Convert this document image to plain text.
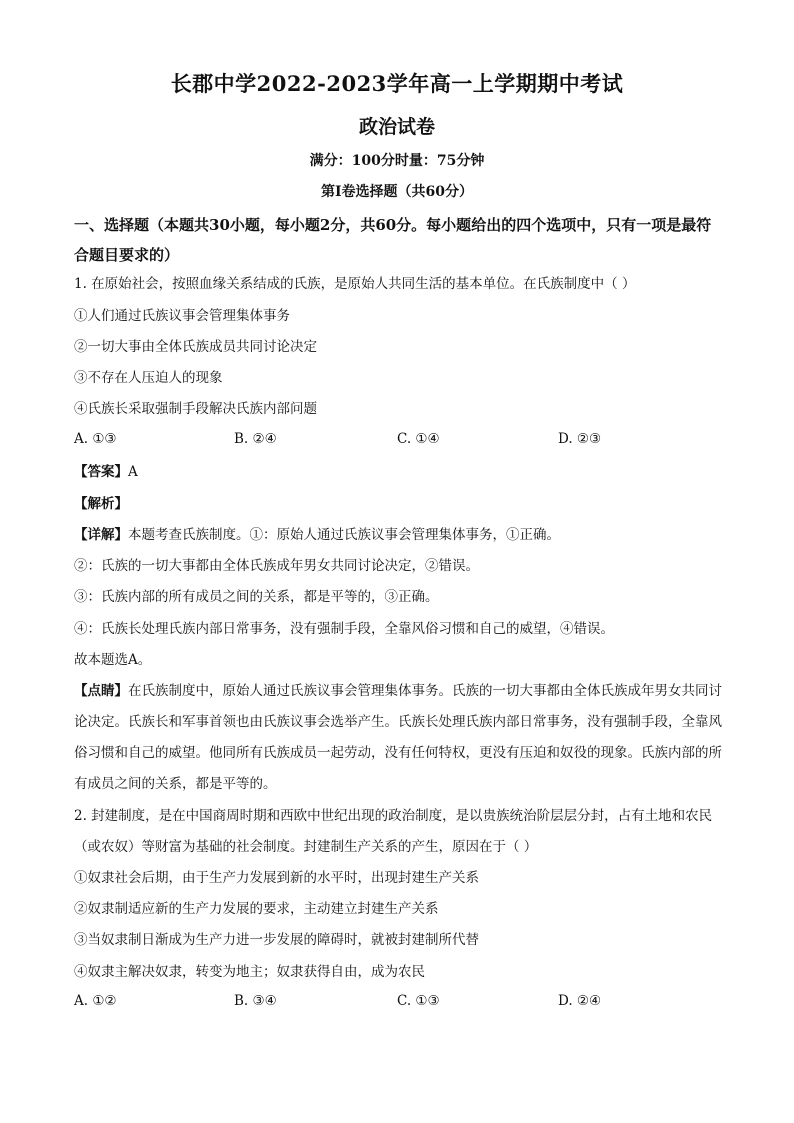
长郡中学2022-2023学年高一上学期期中考试
政治试卷
满分：100分时量：75分钟
第Ⅰ卷选择题（共60分）
一、选择题（本题共30小题，每小题2分，共60分。每小题给出的四个选项中，只有一项是最符合题目要求的）
1. 在原始社会，按照血缘关系结成的氏族，是原始人共同生活的基本单位。在氏族制度中（ ）
①人们通过氏族议事会管理集体事务
②一切大事由全体氏族成员共同讨论决定
③不存在人压迫人的现象
④氏族长采取强制手段解决氏族内部问题
A. ①③	B. ②④	C. ①④	D. ②③
【答案】A
【解析】
【详解】本题考查氏族制度。①：原始人通过氏族议事会管理集体事务，①正确。
②：氏族的一切大事都由全体氏族成年男女共同讨论决定，②错误。
③：氏族内部的所有成员之间的关系，都是平等的，③正确。
④：氏族长处理氏族内部日常事务，没有强制手段，全靠风俗习惯和自己的威望，④错误。
故本题选A。
【点睛】在氏族制度中，原始人通过氏族议事会管理集体事务。氏族的一切大事都由全体氏族成年男女共同讨论决定。氏族长和军事首领也由氏族议事会选举产生。氏族长处理氏族内部日常事务，没有强制手段，全靠风俗习惯和自己的威望。他同所有氏族成员一起劳动，没有任何特权，更没有压迫和奴役的现象。氏族内部的所有成员之间的关系，都是平等的。
2. 封建制度，是在中国商周时期和西欧中世纪出现的政治制度，是以贵族统治阶层层分封，占有土地和农民（或农奴）等财富为基础的社会制度。封建制生产关系的产生，原因在于（ ）
①奴隶社会后期，由于生产力发展到新的水平时，出现封建生产关系
②奴隶制适应新的生产力发展的要求，主动建立封建生产关系
③当奴隶制日渐成为生产力进一步发展的障碍时，就被封建制所代替
④奴隶主解决奴隶，转变为地主；奴隶获得自由，成为农民
A. ①②	B. ③④	C. ①③	D. ②④
